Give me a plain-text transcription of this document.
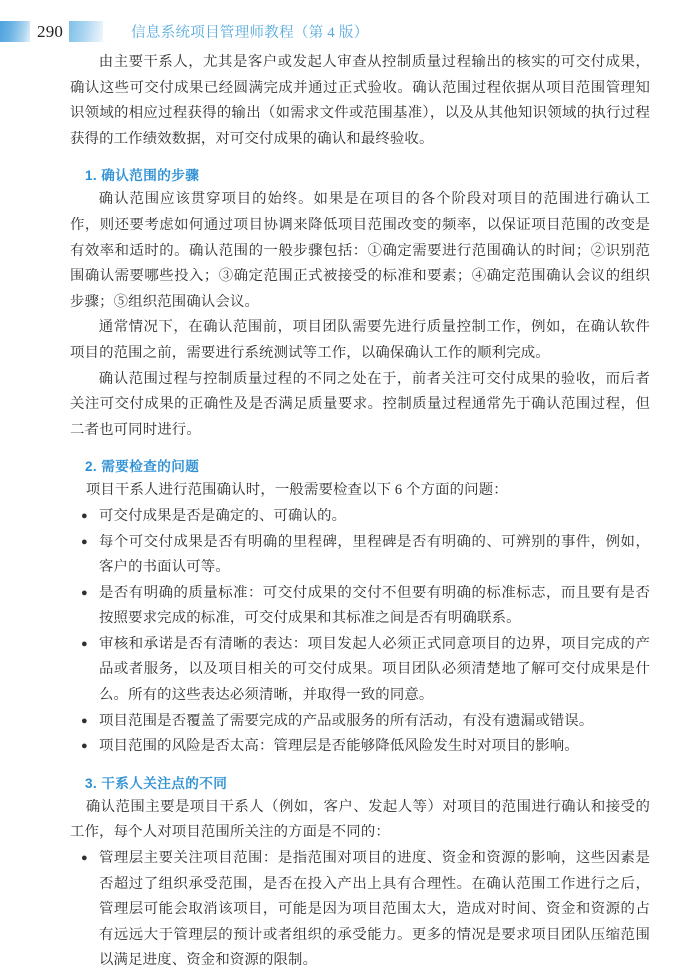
290	信息系统项目管理师教程（第 4 版）

由主要干系人，尤其是客户或发起人审查从控制质量过程输出的核实的可交付成果，确认这些可交付成果已经圆满完成并通过正式验收。确认范围过程依据从项目范围管理知识领域的相应过程获得的输出（如需求文件或范围基准），以及从其他知识领域的执行过程获得的工作绩效数据，对可交付成果的确认和最终验收。

1. 确认范围的步骤

确认范围应该贯穿项目的始终。如果是在项目的各个阶段对项目的范围进行确认工作，则还要考虑如何通过项目协调来降低项目范围改变的频率，以保证项目范围的改变是有效率和适时的。确认范围的一般步骤包括：①确定需要进行范围确认的时间；②识别范围确认需要哪些投入；③确定范围正式被接受的标准和要素；④确定范围确认会议的组织步骤；⑤组织范围确认会议。

通常情况下，在确认范围前，项目团队需要先进行质量控制工作，例如，在确认软件项目的范围之前，需要进行系统测试等工作，以确保确认工作的顺利完成。

确认范围过程与控制质量过程的不同之处在于，前者关注可交付成果的验收，而后者关注可交付成果的正确性及是否满足质量要求。控制质量过程通常先于确认范围过程，但二者也可同时进行。

2. 需要检查的问题

项目干系人进行范围确认时，一般需要检查以下 6 个方面的问题：

● 可交付成果是否是确定的、可确认的。
● 每个可交付成果是否有明确的里程碑，里程碑是否有明确的、可辨别的事件，例如，客户的书面认可等。
● 是否有明确的质量标准：可交付成果的交付不但要有明确的标准标志，而且要有是否按照要求完成的标准，可交付成果和其标准之间是否有明确联系。
● 审核和承诺是否有清晰的表达：项目发起人必须正式同意项目的边界，项目完成的产品或者服务，以及项目相关的可交付成果。项目团队必须清楚地了解可交付成果是什么。所有的这些表达必须清晰，并取得一致的同意。
● 项目范围是否覆盖了需要完成的产品或服务的所有活动，有没有遗漏或错误。
● 项目范围的风险是否太高：管理层是否能够降低风险发生时对项目的影响。
3. 干系人关注点的不同

确认范围主要是项目干系人（例如，客户、发起人等）对项目的范围进行确认和接受的工作，每个人对项目范围所关注的方面是不同的：

● 管理层主要关注项目范围：是指范围对项目的进度、资金和资源的影响，这些因素是否超过了组织承受范围，是否在投入产出上具有合理性。在确认范围工作进行之后，管理层可能会取消该项目，可能是因为项目范围太大，造成对时间、资金和资源的占有远远大于管理层的预计或者组织的承受能力。更多的情况是要求项目团队压缩范围以满足进度、资金和资源的限制。
